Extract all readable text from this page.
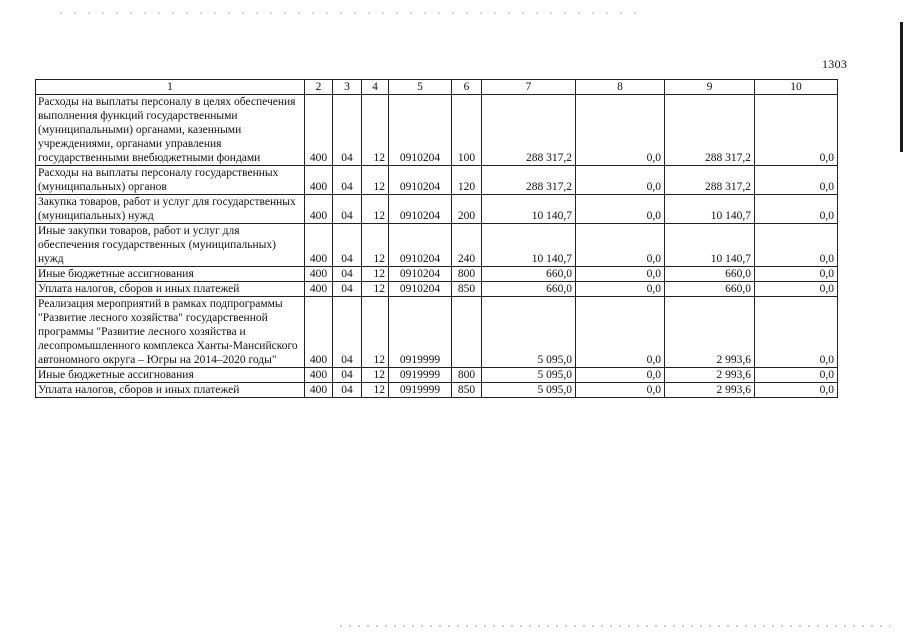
1303
1	2	3	4	5	6	7	8	9	10
Расходы на выплаты персоналу в целях обеспечения выполнения функций государственными (муниципальными) органами, казенными учреждениями, органами управления государственными внебюджетными фондами	400	04	12	0910204	100	288 317,2	0,0	288 317,2	0,0
Расходы на выплаты персоналу государственных (муниципальных) органов	400	04	12	0910204	120	288 317,2	0,0	288 317,2	0,0
Закупка товаров, работ и услуг для государственных (муниципальных) нужд	400	04	12	0910204	200	10 140,7	0,0	10 140,7	0,0
Иные закупки товаров, работ и услуг для обеспечения государственных (муниципальных) нужд	400	04	12	0910204	240	10 140,7	0,0	10 140,7	0,0
Иные бюджетные ассигнования	400	04	12	0910204	800	660,0	0,0	660,0	0,0
Уплата налогов, сборов и иных платежей	400	04	12	0910204	850	660,0	0,0	660,0	0,0
Реализация мероприятий в рамках подпрограммы "Развитие лесного хозяйства" государственной программы "Развитие лесного хозяйства и лесопромышленного комплекса Ханты-Мансийского автономного округа – Югры на 2014–2020 годы"	400	04	12	0919999		5 095,0	0,0	2 993,6	0,0
Иные бюджетные ассигнования	400	04	12	0919999	800	5 095,0	0,0	2 993,6	0,0
Уплата налогов, сборов и иных платежей	400	04	12	0919999	850	5 095,0	0,0	2 993,6	0,0
